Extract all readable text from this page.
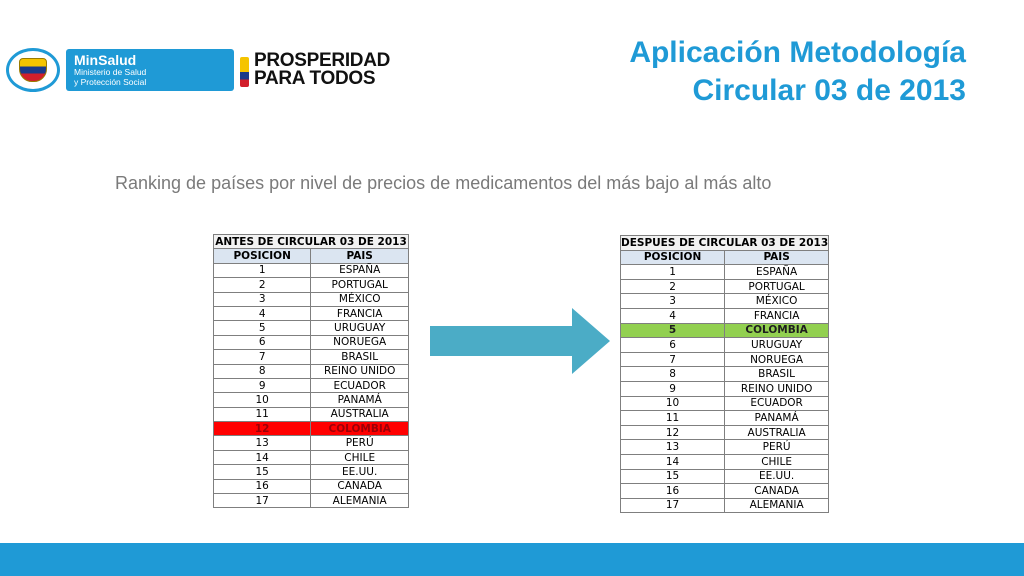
MinSalud
Ministerio de Salud
y Protección Social
PROSPERIDAD
PARA TODOS
Aplicación Metodología
Circular 03 de 2013
Ranking de países por nivel de precios de medicamentos del más bajo al más alto
ANTES DE CIRCULAR 03 DE 2013	
POSICION	PAIS
1	ESPAÑA
2	PORTUGAL
3	MÉXICO
4	FRANCIA
5	URUGUAY
6	NORUEGA
7	BRASIL
8	REINO UNIDO
9	ECUADOR
10	PANAMÁ
11	AUSTRALIA
12	COLOMBIA
13	PERÚ
14	CHILE
15	EE.UU.
16	CANADA
17	ALEMANIA
DESPUES DE CIRCULAR 03 DE 2013	
POSICION	PAIS
1	ESPAÑA
2	PORTUGAL
3	MÉXICO
4	FRANCIA
5	COLOMBIA
6	URUGUAY
7	NORUEGA
8	BRASIL
9	REINO UNIDO
10	ECUADOR
11	PANAMÁ
12	AUSTRALIA
13	PERÚ
14	CHILE
15	EE.UU.
16	CANADA
17	ALEMANIA
